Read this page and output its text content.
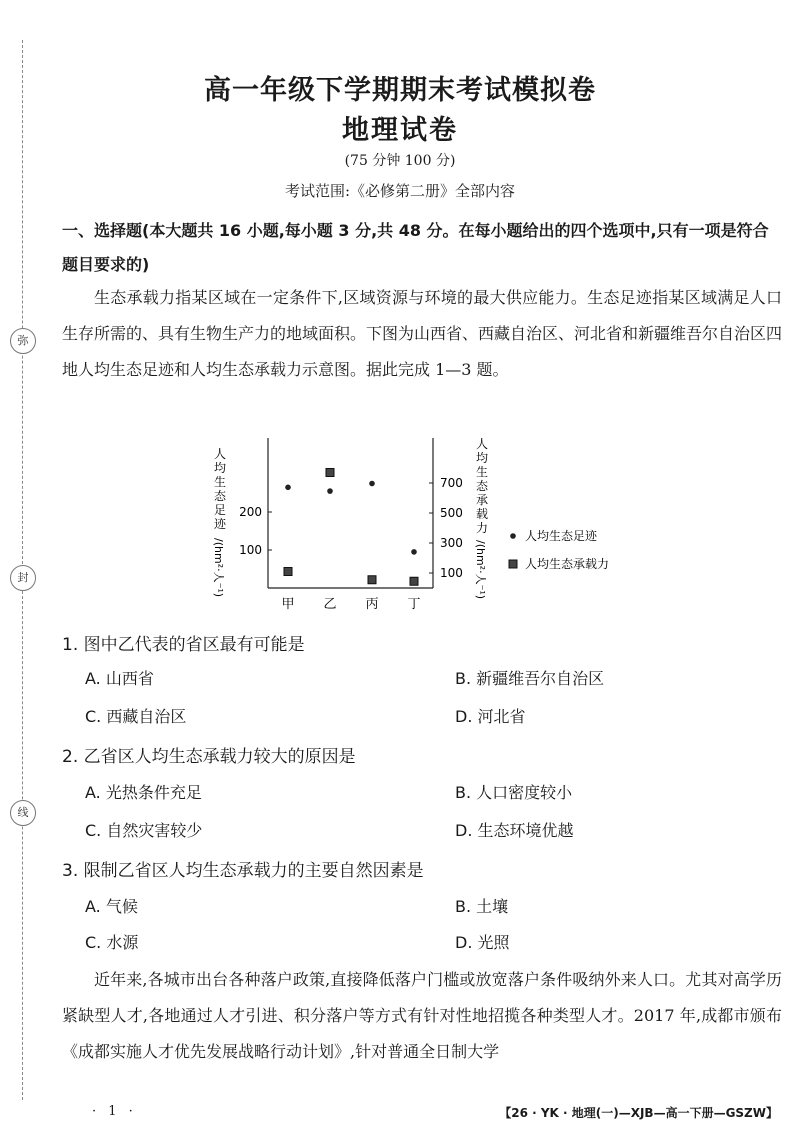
弥
封
线
高一年级下学期期末考试模拟卷
地理试卷
(75 分钟 100 分)
考试范围:《必修第二册》全部内容
一、选择题(本大题共 16 小题,每小题 3 分,共 48 分。在每小题给出的四个选项中,只有一项是符合题目要求的)
生态承载力指某区域在一定条件下,区域资源与环境的最大供应能力。生态足迹指某区域满足人口生存所需的、具有生物生产力的地域面积。下图为山西省、西藏自治区、河北省和新疆维吾尔自治区四地人均生态足迹和人均生态承载力示意图。据此完成 1—3 题。
人
均
生
态
足
迹
/(hm²·人⁻¹)
人
均
生
态
承
载
力
/(hm²·人⁻¹)
100
200
100
300
500
700
甲 乙 丙 丁
人均生态足迹
人均生态承载力
1. 图中乙代表的省区最有可能是
A. 山西省	B. 新疆维吾尔自治区
C. 西藏自治区	D. 河北省
2. 乙省区人均生态承载力较大的原因是
A. 光热条件充足	B. 人口密度较小
C. 自然灾害较少	D. 生态环境优越
3. 限制乙省区人均生态承载力的主要自然因素是
A. 气候	B. 土壤
C. 水源	D. 光照
近年来,各城市出台各种落户政策,直接降低落户门槛或放宽落户条件吸纳外来人口。尤其对高学历紧缺型人才,各地通过人才引进、积分落户等方式有针对性地招揽各种类型人才。2017 年,成都市颁布《成都实施人才优先发展战略行动计划》,针对普通全日制大学
· 1 ·	【26 · YK · 地理(一)—XJB—高一下册—GSZW】
